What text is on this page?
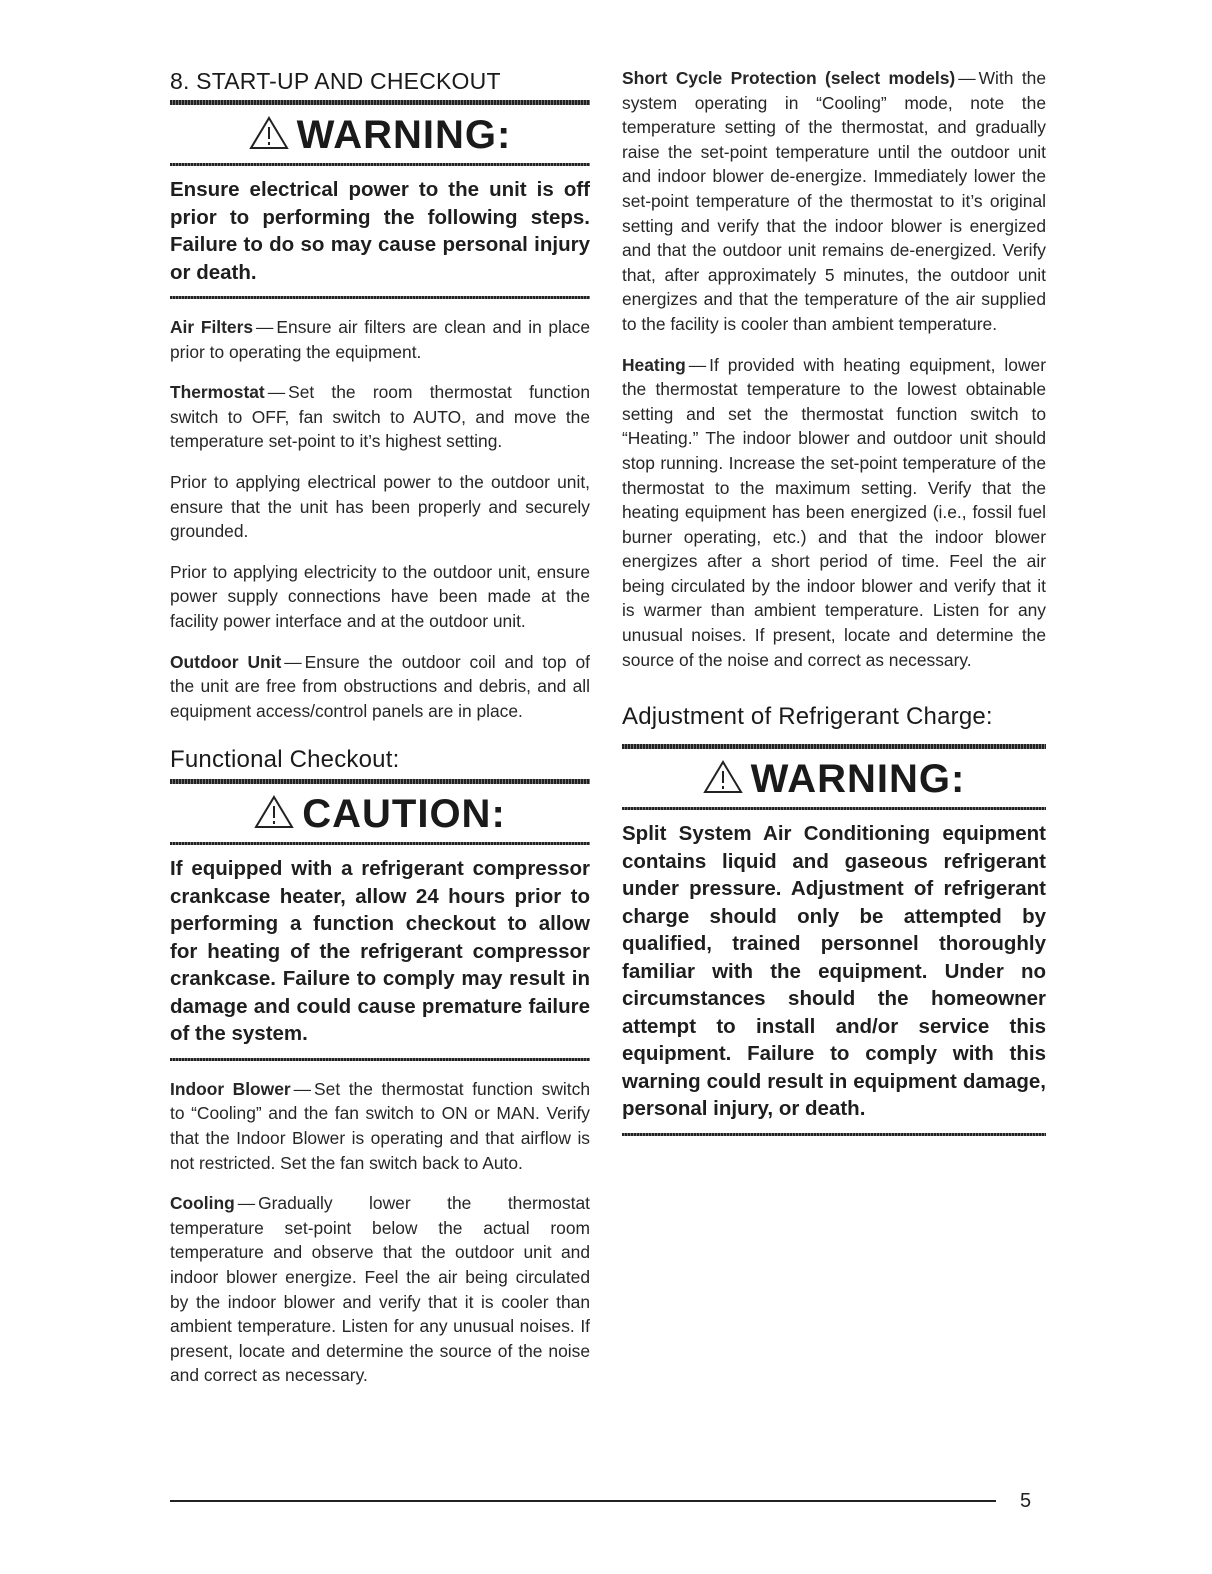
8. START-UP AND CHECKOUT
WARNING:

Ensure electrical power to the unit is off prior to performing the following steps. Failure to do so may cause personal injury or death.

Air Filters — Ensure air filters are clean and in place prior to operating the equipment.

Thermostat — Set the room thermostat function switch to OFF, fan switch to AUTO, and move the temperature set-point to it’s highest setting.

Prior to applying electrical power to the outdoor unit, ensure that the unit has been properly and securely grounded.

Prior to applying electricity to the outdoor unit, ensure power supply connections have been made at the facility power interface and at the outdoor unit.

Outdoor Unit — Ensure the outdoor coil and top of the unit are free from obstructions and debris, and all equipment access/control panels are in place.

Functional Checkout:
CAUTION:

If equipped with a refrigerant compressor crankcase heater, allow 24 hours prior to performing a function checkout to allow for heating of the refrigerant compressor crankcase. Failure to comply may result in damage and could cause premature failure of the system.

Indoor Blower — Set the thermostat function switch to “Cooling” and the fan switch to ON or MAN. Verify that the Indoor Blower is operating and that airflow is not restricted. Set the fan switch back to Auto.

Cooling — Gradually lower the thermostat temperature set-point below the actual room temperature and observe that the outdoor unit and indoor blower energize. Feel the air being circulated by the indoor blower and verify that it is cooler than ambient temperature. Listen for any unusual noises. If present, locate and determine the source of the noise and correct as necessary.

Short Cycle Protection (select models) — With the system operating in “Cooling” mode, note the temperature setting of the thermostat, and gradually raise the set-point temperature until the outdoor unit and indoor blower de-energize. Immediately lower the set-point temperature of the thermostat to it’s original setting and verify that the indoor blower is energized and that the outdoor unit remains de-energized. Verify that, after approximately 5 minutes, the outdoor unit energizes and that the temperature of the air supplied to the facility is cooler than ambient temperature.

Heating — If provided with heating equipment, lower the thermostat temperature to the lowest obtainable setting and set the thermostat function switch to “Heating.” The indoor blower and outdoor unit should stop running. Increase the set-point temperature of the thermostat to the maximum setting. Verify that the heating equipment has been energized (i.e., fossil fuel burner operating, etc.) and that the indoor blower energizes after a short period of time. Feel the air being circulated by the indoor blower and verify that it is warmer than ambient temperature. Listen for any unusual noises. If present, locate and determine the source of the noise and correct as necessary.

Adjustment of Refrigerant Charge:
WARNING:

Split System Air Conditioning equipment contains liquid and gaseous refrigerant under pressure. Adjustment of refrigerant charge should only be attempted by qualified, trained personnel thoroughly familiar with the equipment. Under no circumstances should the homeowner attempt to install and/or service this equipment. Failure to comply with this warning could result in equipment damage, personal injury, or death.

5
